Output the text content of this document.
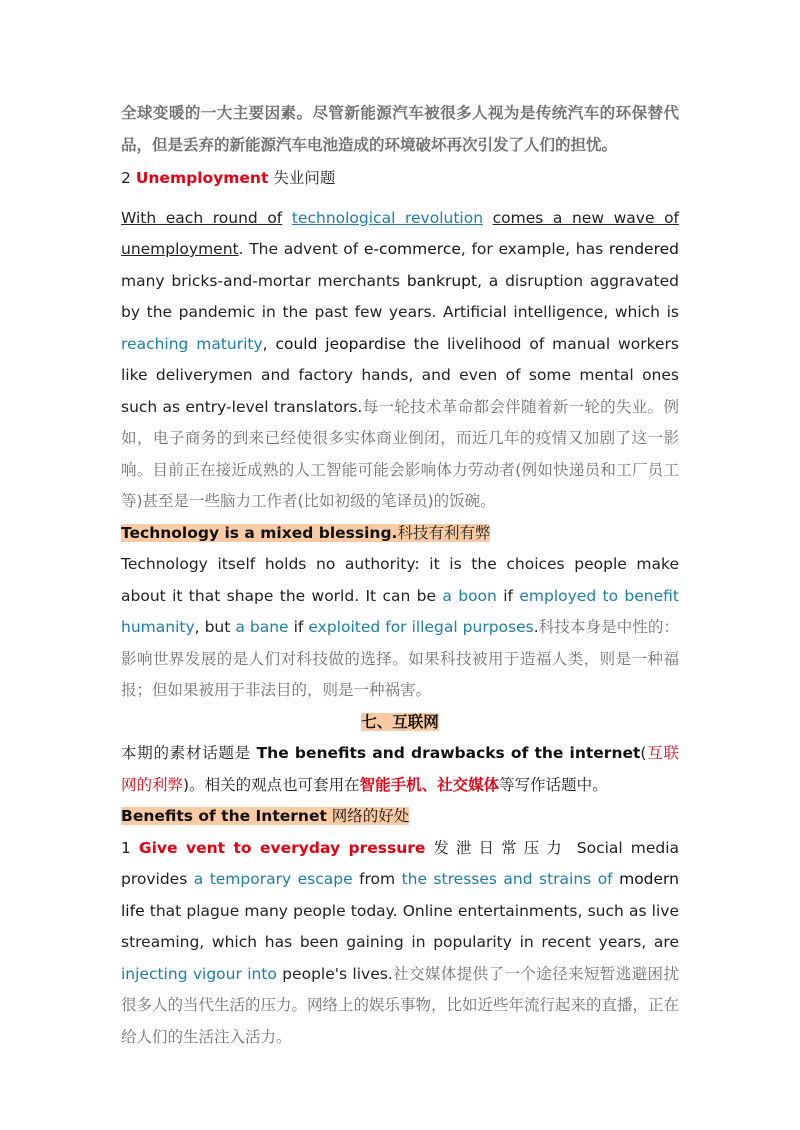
全球变暖的一大主要因素。尽管新能源汽车被很多人视为是传统汽车的环保替代品，但是丢弃的新能源汽车电池造成的环境破坏再次引发了人们的担忧。

2 Unemployment 失业问题

With each round of technological revolution comes a new wave of unemployment. The advent of e-commerce, for example, has rendered many bricks-and-mortar merchants bankrupt, a disruption aggravated by the pandemic in the past few years. Artificial intelligence, which is reaching maturity, could jeopardise the livelihood of manual workers like deliverymen and factory hands, and even of some mental ones such as entry-level translators.每一轮技术革命都会伴随着新一轮的失业。例如，电子商务的到来已经使很多实体商业倒闭，而近几年的疫情又加剧了这一影响。目前正在接近成熟的人工智能可能会影响体力劳动者(例如快递员和工厂员工等)甚至是一些脑力工作者(比如初级的笔译员)的饭碗。

Technology is a mixed blessing.科技有利有弊

Technology itself holds no authority: it is the choices people make about it that shape the world. It can be a boon if employed to benefit humanity, but a bane if exploited for illegal purposes.科技本身是中性的：影响世界发展的是人们对科技做的选择。如果科技被用于造福人类，则是一种福报；但如果被用于非法目的，则是一种祸害。

七、互联网

本期的素材话题是 The benefits and drawbacks of the internet(互联网的利弊)。相关的观点也可套用在智能手机、社交媒体等写作话题中。

Benefits of the Internet 网络的好处

1 Give vent to everyday pressure 发泄日常压力 Social media provides a temporary escape from the stresses and strains of modern life that plague many people today. Online entertainments, such as live streaming, which has been gaining in popularity in recent years, are injecting vigour into people's lives.社交媒体提供了一个途径来短暂逃避困扰很多人的当代生活的压力。网络上的娱乐事物，比如近些年流行起来的直播，正在给人们的生活注入活力。
